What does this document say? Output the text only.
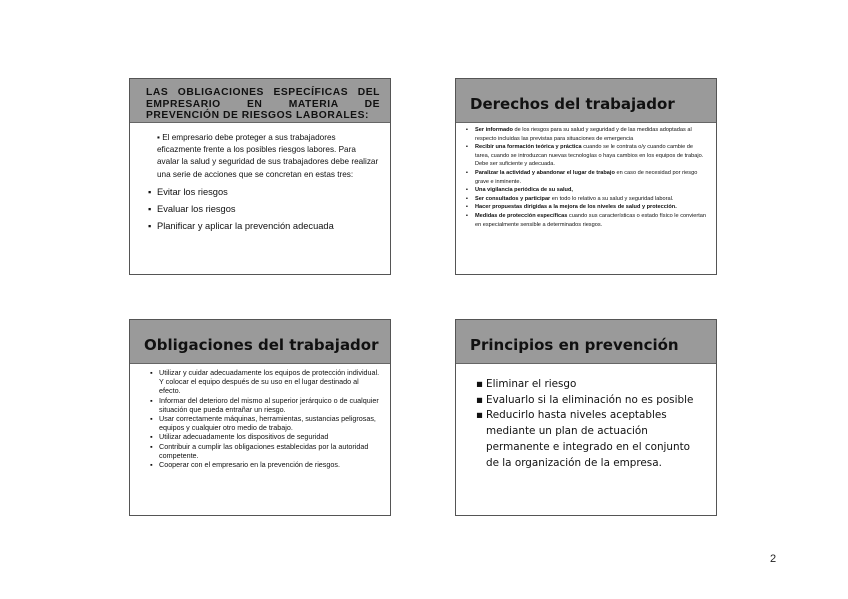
LAS OBLIGACIONES ESPECÍFICAS DEL EMPRESARIO EN MATERIA DE PREVENCIÓN DE RIESGOS LABORALES:
▪ El empresario debe proteger a sus trabajadores eficazmente frente a los posibles riesgos labores. Para avalar la salud y seguridad de sus trabajadores debe realizar una serie de acciones que se concretan en estas tres:
▪ Evitar los riesgos
▪ Evaluar los riesgos
▪ Planificar y aplicar la prevención adecuada
Derechos del trabajador
▪ Ser informado de los riesgos para su salud y seguridad y de las medidas adoptadas al respecto incluidas las previstas para situaciones de emergencia
▪ Recibir una formación teórica y práctica cuando se le contrata o/y cuando cambie de tarea, cuando se introduzcan nuevas tecnologías o haya cambios en los equipos de trabajo. Debe ser suficiente y adecuada.
▪ Paralizar la actividad y abandonar el lugar de trabajo en caso de necesidad por riesgo grave e inminente.
▪ Una vigilancia periódica de su salud,
▪ Ser consultados y participar en todo lo relativo a su salud y seguridad laboral.
▪ Hacer propuestas dirigidas a la mejora de los niveles de salud y protección.
▪ Medidas de protección específicas cuando sus características o estado físico le conviertan en especialmente sensible a determinados riesgos.
Obligaciones del trabajador
▪ Utilizar y cuidar adecuadamente los equipos de protección individual. Y colocar el equipo después de su uso en el lugar destinado al efecto.
▪ Informar del deterioro del mismo al superior jerárquico o de cualquier situación que pueda entrañar un riesgo.
▪ Usar correctamente máquinas, herramientas, sustancias peligrosas, equipos y cualquier otro medio de trabajo.
▪ Utilizar adecuadamente los dispositivos de seguridad
▪ Contribuir a cumplir las obligaciones establecidas por la autoridad competente.
▪ Cooperar con el empresario en la prevención de riesgos.
Principios en prevención
▪ Eliminar el riesgo
▪ Evaluarlo si la eliminación no es posible
▪ Reducirlo hasta niveles aceptables mediante un plan de actuación permanente e integrado en el conjunto de la organización de la empresa.
2
